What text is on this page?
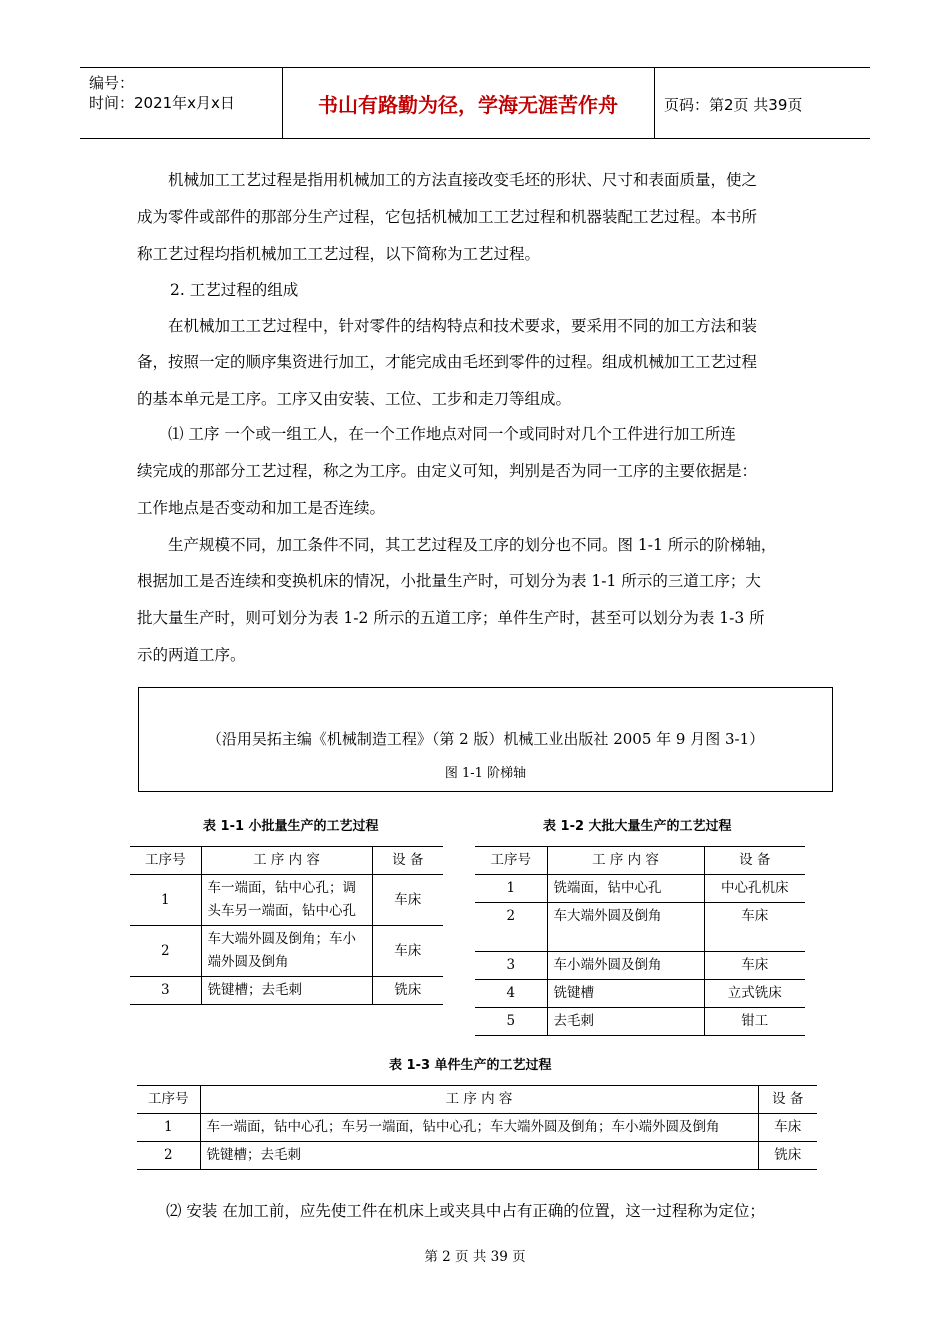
编号：
时间：2021年x月x日	书山有路勤为径，学海无涯苦作舟	页码：第2页 共39页
机械加工工艺过程是指用机械加工的方法直接改变毛坯的形状、尺寸和表面质量，使之
成为零件或部件的那部分生产过程，它包括机械加工工艺过程和机器装配工艺过程。本书所
称工艺过程均指机械加工工艺过程，以下简称为工艺过程。
2. 工艺过程的组成
在机械加工工艺过程中，针对零件的结构特点和技术要求，要采用不同的加工方法和装
备，按照一定的顺序集资进行加工，才能完成由毛坯到零件的过程。组成机械加工工艺过程
的基本单元是工序。工序又由安装、工位、工步和走刀等组成。
⑴ 工序 一个或一组工人，在一个工作地点对同一个或同时对几个工件进行加工所连
续完成的那部分工艺过程，称之为工序。由定义可知，判别是否为同一工序的主要依据是：
工作地点是否变动和加工是否连续。
生产规模不同，加工条件不同，其工艺过程及工序的划分也不同。图 1-1 所示的阶梯轴，
根据加工是否连续和变换机床的情况，小批量生产时，可划分为表 1-1 所示的三道工序；大
批大量生产时，则可划分为表 1-2 所示的五道工序；单件生产时，甚至可以划分为表 1-3 所
示的两道工序。
（沿用吴拓主编《机械制造工程》（第 2 版）机械工业出版社 2005 年 9 月图 3-1）
图 1-1 阶梯轴
表 1-1 小批量生产的工艺过程
工序号	工 序 内 容	设 备
1	车一端面，钻中心孔；调头车另一端面，钻中心孔	车床
2	车大端外圆及倒角；车小端外圆及倒角	车床
3	铣键槽；去毛刺	铣床
表 1-2 大批大量生产的工艺过程
工序号	工 序 内 容	设 备
1	铣端面，钻中心孔	中心孔机床
2	车大端外圆及倒角	车床
3	车小端外圆及倒角	车床
4	铣键槽	立式铣床
5	去毛刺	钳工
表 1-3 单件生产的工艺过程
工序号	工 序 内 容	设 备
1	车一端面，钻中心孔；车另一端面，钻中心孔；车大端外圆及倒角；车小端外圆及倒角	车床
2	铣键槽；去毛刺	铣床
⑵ 安装 在加工前，应先使工件在机床上或夹具中占有正确的位置，这一过程称为定位；
第 2 页 共 39 页
